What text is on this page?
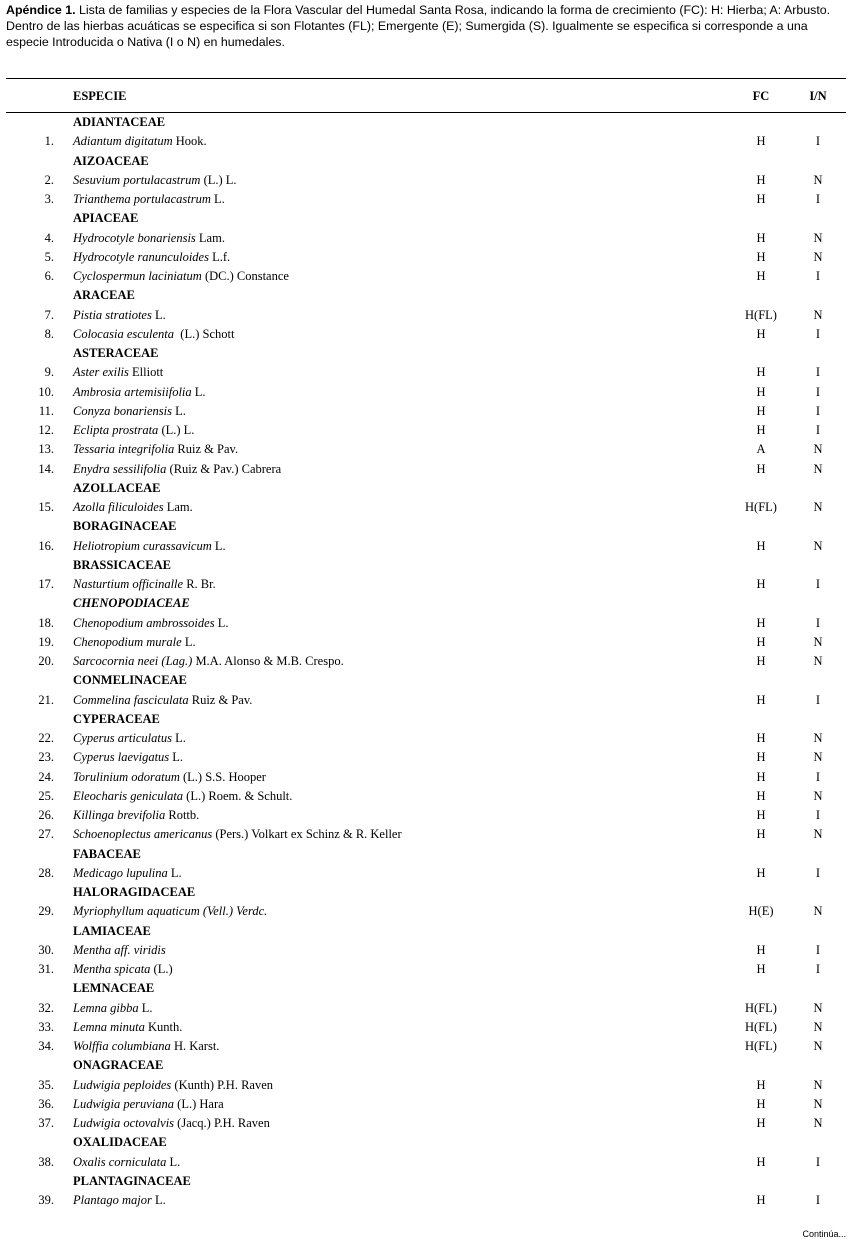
Apéndice 1. Lista de familias y especies de la Flora Vascular del Humedal Santa Rosa, indicando la forma de crecimiento (FC): H: Hierba; A: Arbusto. Dentro de las hierbas acuáticas se especifica si son Flotantes (FL); Emergente (E); Sumergida (S). Igualmente se especifica si corresponde a una especie Introducida o Nativa (I o N) en humedales.

ESPECIE	FC	I/N
ADIANTACEAE
1. Adiantum digitatum Hook.	H	I
AIZOACEAE
2. Sesuvium portulacastrum (L.) L.	H	N
3. Trianthema portulacastrum L.	H	I
APIACEAE
4. Hydrocotyle bonariensis Lam.	H	N
5. Hydrocotyle ranunculoides L.f.	H	N
6. Cyclospermun laciniatum (DC.) Constance	H	I
ARACEAE
7. Pistia stratiotes L.	H(FL)	N
8. Colocasia esculenta  (L.) Schott	H	I
ASTERACEAE
9. Aster exilis Elliott	H	I
10. Ambrosia artemisiifolia L.	H	I
11. Conyza bonariensis L.	H	I
12. Eclipta prostrata (L.) L.	H	I
13. Tessaria integrifolia Ruiz & Pav.	A	N
14. Enydra sessilifolia (Ruiz & Pav.) Cabrera	H	N
AZOLLACEAE
15. Azolla filiculoides Lam.	H(FL)	N
BORAGINACEAE
16. Heliotropium curassavicum L.	H	N
BRASSICACEAE
17. Nasturtium officinalle R. Br.	H	I
CHENOPODIACEAE
18. Chenopodium ambrossoides L.	H	I
19. Chenopodium murale L.	H	N
20. Sarcocornia neei (Lag.) M.A. Alonso & M.B. Crespo.	H	N
CONMELINACEAE
21. Commelina fasciculata Ruiz & Pav.	H	I
CYPERACEAE
22. Cyperus articulatus L.	H	N
23. Cyperus laevigatus L.	H	N
24. Torulinium odoratum (L.) S.S. Hooper	H	I
25. Eleocharis geniculata (L.) Roem. & Schult.	H	N
26. Killinga brevifolia Rottb.	H	I
27. Schoenoplectus americanus (Pers.) Volkart ex Schinz & R. Keller	H	N
FABACEAE
28. Medicago lupulina L.	H	I
HALORAGIDACEAE
29. Myriophyllum aquaticum (Vell.) Verdc.	H(E)	N
LAMIACEAE
30. Mentha aff. viridis	H	I
31. Mentha spicata (L.)	H	I
LEMNACEAE
32. Lemna gibba L.	H(FL)	N
33. Lemna minuta Kunth.	H(FL)	N
34. Wolffia columbiana H. Karst.	H(FL)	N
ONAGRACEAE
35. Ludwigia peploides (Kunth) P.H. Raven	H	N
36. Ludwigia peruviana (L.) Hara	H	N
37. Ludwigia octovalvis (Jacq.) P.H. Raven	H	N
OXALIDACEAE
38. Oxalis corniculata L.	H	I
PLANTAGINACEAE
39. Plantago major L.	H	I
Continúa...
